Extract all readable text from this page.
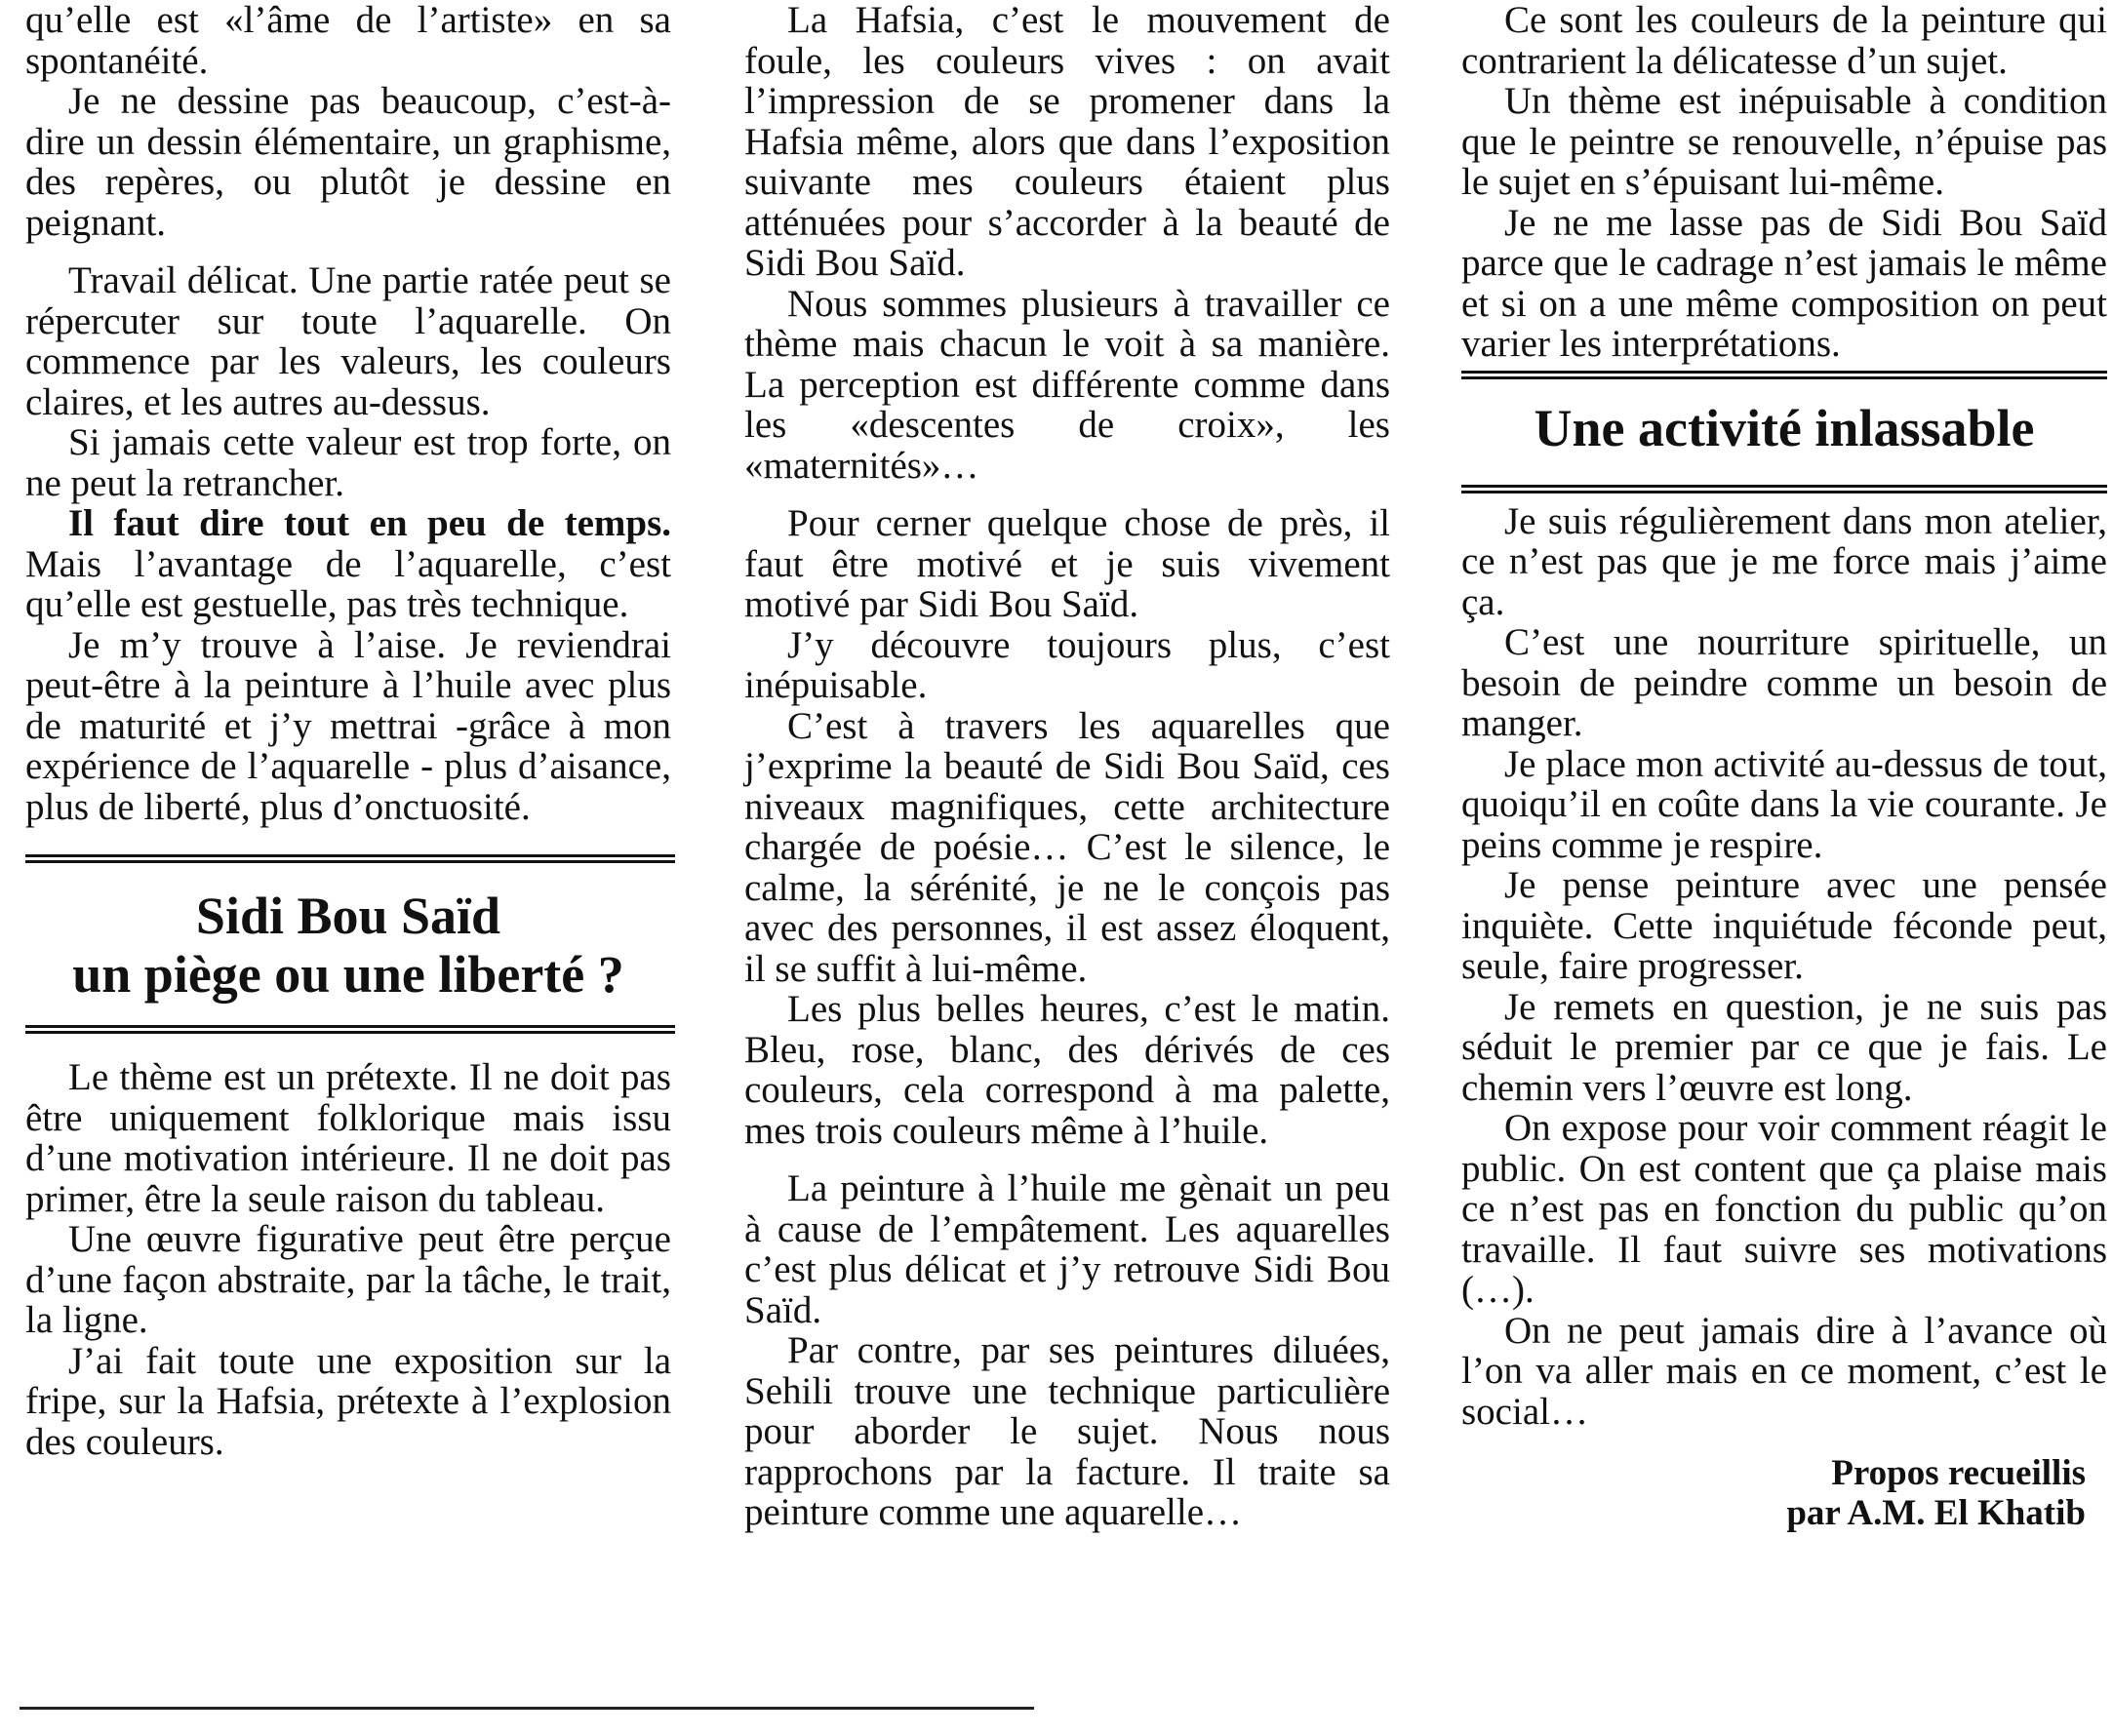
qu’elle est «l’âme de l’artiste» en sa spontanéité.

Je ne dessine pas beaucoup, c’est-à-dire un dessin élémentaire, un graphisme, des repères, ou plutôt je dessine en peignant.

Travail délicat. Une partie ratée peut se répercuter sur toute l’aquarelle. On commence par les valeurs, les couleurs claires, et les autres au-dessus.

Si jamais cette valeur est trop forte, on ne peut la retrancher.

Il faut dire tout en peu de temps. Mais l’avantage de l’aquarelle, c’est qu’elle est gestuelle, pas très technique.

Je m’y trouve à l’aise. Je reviendrai peut-être à la peinture à l’huile avec plus de maturité et j’y mettrai -grâce à mon expérience de l’aquarelle - plus d’aisance, plus de liberté, plus d’onctuosité.

Sidi Bou Saïd
un piège ou une liberté ?

Le thème est un prétexte. Il ne doit pas être uniquement folklorique mais issu d’une motivation intérieure. Il ne doit pas primer, être la seule raison du tableau.

Une œuvre figurative peut être perçue d’une façon abstraite, par la tâche, le trait, la ligne.

J’ai fait toute une exposition sur la fripe, sur la Hafsia, prétexte à l’explosion des couleurs.

La Hafsia, c’est le mouvement de foule, les couleurs vives : on avait l’impression de se promener dans la Hafsia même, alors que dans l’exposition suivante mes couleurs étaient plus atténuées pour s’accorder à la beauté de Sidi Bou Saïd.

Nous sommes plusieurs à travailler ce thème mais chacun le voit à sa manière. La perception est différente comme dans les «descentes de croix», les «maternités»…

Pour cerner quelque chose de près, il faut être motivé et je suis vivement motivé par Sidi Bou Saïd.

J’y découvre toujours plus, c’est inépuisable.

C’est à travers les aquarelles que j’exprime la beauté de Sidi Bou Saïd, ces niveaux magnifiques, cette architecture chargée de poésie… C’est le silence, le calme, la sérénité, je ne le conçois pas avec des personnes, il est assez éloquent, il se suffit à lui-même.

Les plus belles heures, c’est le matin. Bleu, rose, blanc, des dérivés de ces couleurs, cela correspond à ma palette, mes trois couleurs même à l’huile.

La peinture à l’huile me gènait un peu à cause de l’empâtement. Les aquarelles c’est plus délicat et j’y retrouve Sidi Bou Saïd.

Par contre, par ses peintures diluées, Sehili trouve une technique particulière pour aborder le sujet. Nous nous rapprochons par la facture. Il traite sa peinture comme une aquarelle…

Ce sont les couleurs de la peinture qui contrarient la délicatesse d’un sujet.

Un thème est inépuisable à condition que le peintre se renouvelle, n’épuise pas le sujet en s’épuisant lui-même.

Je ne me lasse pas de Sidi Bou Saïd parce que le cadrage n’est jamais le même et si on a une même composition on peut varier les interprétations.

Une activité inlassable

Je suis régulièrement dans mon atelier, ce n’est pas que je me force mais j’aime ça.

C’est une nourriture spirituelle, un besoin de peindre comme un besoin de manger.

Je place mon activité au-dessus de tout, quoiqu’il en coûte dans la vie courante. Je peins comme je respire.

Je pense peinture avec une pensée inquiète. Cette inquiétude féconde peut, seule, faire progresser.

Je remets en question, je ne suis pas séduit le premier par ce que je fais. Le chemin vers l’œuvre est long.

On expose pour voir comment réagit le public. On est content que ça plaise mais ce n’est pas en fonction du public qu’on travaille. Il faut suivre ses motivations (…).

On ne peut jamais dire à l’avance où l’on va aller mais en ce moment, c’est le social…

Propos recueillis
par A.M. El Khatib
